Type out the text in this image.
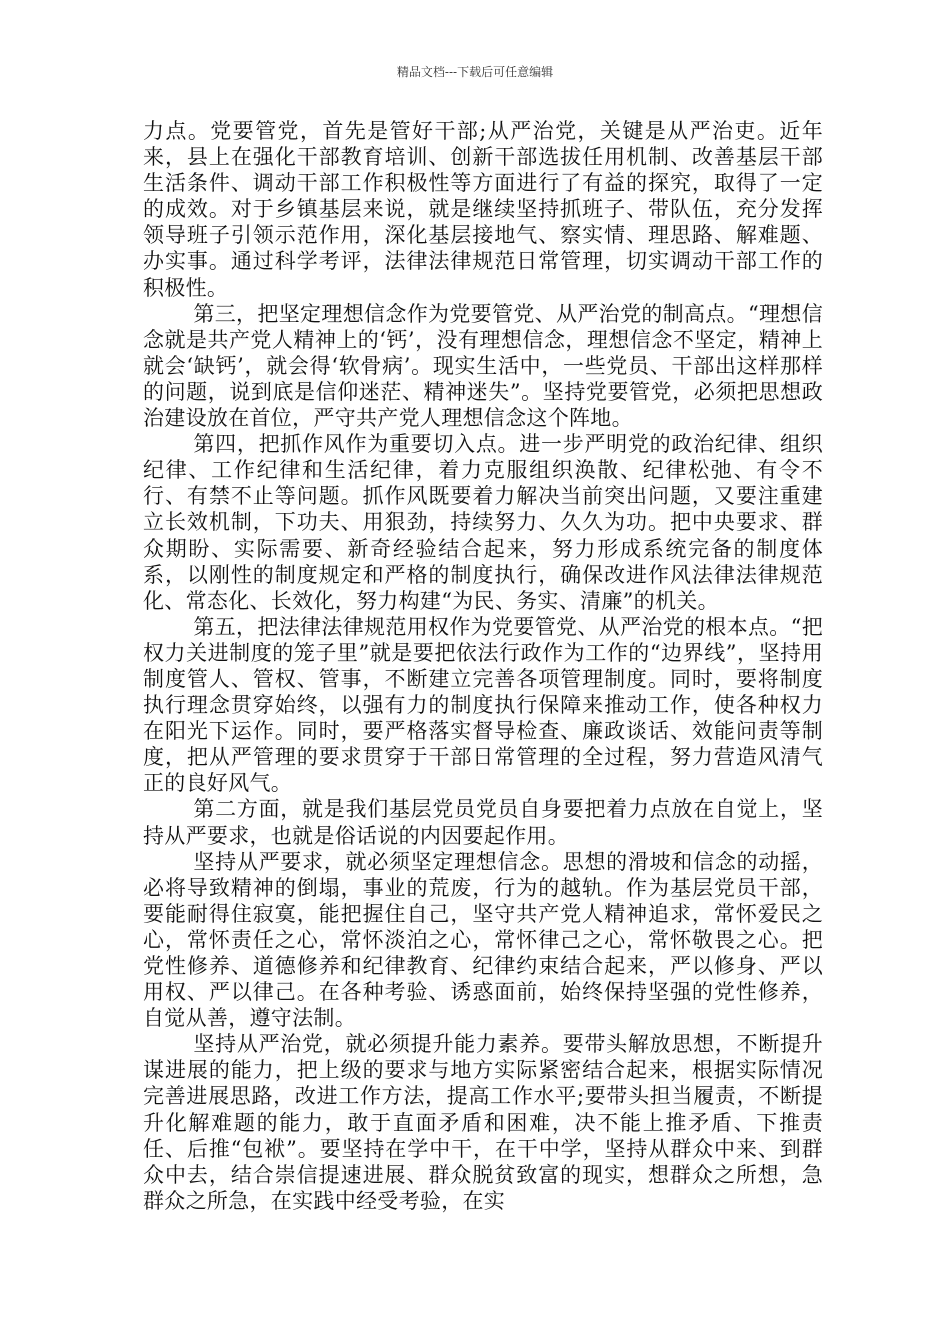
精品文档---下载后可任意编辑

力点。党要管党，首先是管好干部;从严治党，关键是从严治吏。近年来，县上在强化干部教育培训、创新干部选拔任用机制、改善基层干部生活条件、调动干部工作积极性等方面进行了有益的探究，取得了一定的成效。对于乡镇基层来说，就是继续坚持抓班子、带队伍，充分发挥领导班子引领示范作用，深化基层接地气、察实情、理思路、解难题、办实事。通过科学考评，法律法律规范日常管理，切实调动干部工作的积极性。

第三，把坚定理想信念作为党要管党、从严治党的制高点。“理想信念就是共产党人精神上的‘钙’，没有理想信念，理想信念不坚定，精神上就会‘缺钙’，就会得‘软骨病’。现实生活中，一些党员、干部出这样那样的问题，说到底是信仰迷茫、精神迷失”。坚持党要管党，必须把思想政治建设放在首位，严守共产党人理想信念这个阵地。

第四，把抓作风作为重要切入点。进一步严明党的政治纪律、组织纪律、工作纪律和生活纪律，着力克服组织涣散、纪律松弛、有令不行、有禁不止等问题。抓作风既要着力解决当前突出问题，又要注重建立长效机制，下功夫、用狠劲，持续努力、久久为功。把中央要求、群众期盼、实际需要、新奇经验结合起来，努力形成系统完备的制度体系，以刚性的制度规定和严格的制度执行，确保改进作风法律法律规范化、常态化、长效化，努力构建“为民、务实、清廉”的机关。

第五，把法律法律规范用权作为党要管党、从严治党的根本点。“把权力关进制度的笼子里”就是要把依法行政作为工作的“边界线”，坚持用制度管人、管权、管事，不断建立完善各项管理制度。同时，要将制度执行理念贯穿始终，以强有力的制度执行保障来推动工作，使各种权力在阳光下运作。同时，要严格落实督导检查、廉政谈话、效能问责等制度，把从严管理的要求贯穿于干部日常管理的全过程，努力营造风清气正的良好风气。

第二方面，就是我们基层党员党员自身要把着力点放在自觉上，坚持从严要求，也就是俗话说的内因要起作用。

坚持从严要求，就必须坚定理想信念。思想的滑坡和信念的动摇，必将导致精神的倒塌，事业的荒废，行为的越轨。作为基层党员干部，要能耐得住寂寞，能把握住自己，坚守共产党人精神追求，常怀爱民之心，常怀责任之心，常怀淡泊之心，常怀律己之心，常怀敬畏之心。把党性修养、道德修养和纪律教育、纪律约束结合起来，严以修身、严以用权、严以律己。在各种考验、诱惑面前，始终保持坚强的党性修养，自觉从善，遵守法制。

坚持从严治党，就必须提升能力素养。要带头解放思想，不断提升谋进展的能力，把上级的要求与地方实际紧密结合起来，根据实际情况完善进展思路，改进工作方法，提高工作水平;要带头担当履责，不断提升化解难题的能力，敢于直面矛盾和困难，决不能上推矛盾、下推责任、后推“包袱”。要坚持在学中干，在干中学，坚持从群众中来、到群众中去，结合崇信提速进展、群众脱贫致富的现实，想群众之所想，急群众之所急，在实践中经受考验，在实
